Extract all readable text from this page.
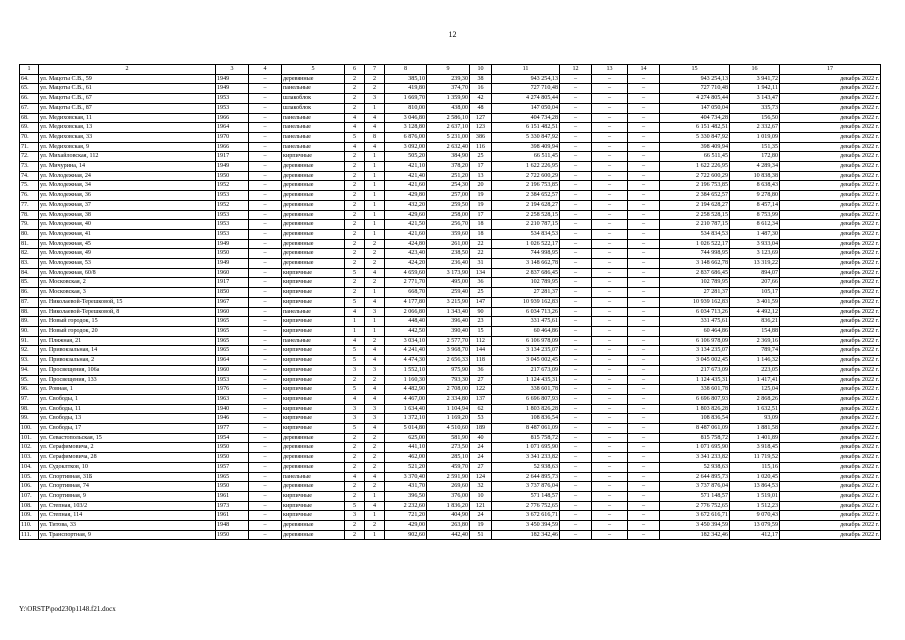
12
1	2	3	4	5	6	7	8	9	10	11	12	13	14	15	16	17
64.	ул. Мацоты С.В., 59	1949	–	деревянные	2	2	385,10	239,30	38	943 254,13	–	–	–	943 254,13	3 941,72	декабрь 2022 г.
65.	ул. Мацоты С.В., 61	1949	–	панельные	2	2	419,80	374,70	16	727 710,48	–	–	–	727 710,48	1 942,11	декабрь 2022 г.
66.	ул. Мацоты С.В., 67	1953	–	шлакоблок	2	3	1 669,70	1 359,90	42	4 274 805,44	–	–	–	4 274 805,44	3 143,47	декабрь 2022 г.
67.	ул. Мацоты С.В., 87	1953	–	шлакоблок	2	1	810,00	438,00	48	147 050,04	–	–	–	147 050,04	335,73	декабрь 2022 г.
68.	ул. Медиховская, 11	1966	–	панельные	4	4	3 046,80	2 586,10	127	404 734,28	–	–	–	404 734,28	156,50	декабрь 2022 г.
69.	ул. Медиховская, 13	1964	–	панельные	4	4	3 128,80	2 637,10	123	6 151 482,51	–	–	–	6 151 482,51	2 332,67	декабрь 2022 г.
70.	ул. Медиховская, 33	1970	–	панельные	5	8	6 876,00	5 231,00	386	5 330 847,92	–	–	–	5 330 847,92	1 019,09	декабрь 2022 г.
71.	ул. Медиховская, 9	1966	–	панельные	4	4	3 092,00	2 632,40	116	398 409,94	–	–	–	398 409,94	151,35	декабрь 2022 г.
72.	ул. Михайловская, 112	1917	–	кирпичные	2	1	505,20	384,90	25	66 511,45	–	–	–	66 511,45	172,80	декабрь 2022 г.
73.	ул. Мичурина, 14	1949	–	деревянные	2	1	421,10	378,20	17	1 622 226,95	–	–	–	1 622 226,95	4 289,34	декабрь 2022 г.
74.	ул. Молодежная, 24	1950	–	деревянные	2	1	421,40	251,20	13	2 722 600,29	–	–	–	2 722 600,29	10 838,38	декабрь 2022 г.
75.	ул. Молодежная, 34	1952	–	деревянные	2	1	421,60	254,30	20	2 196 753,85	–	–	–	2 196 753,85	8 638,43	декабрь 2022 г.
76.	ул. Молодежная, 36	1953	–	деревянные	2	1	429,80	257,00	19	2 384 652,57	–	–	–	2 384 652,57	9 278,80	декабрь 2022 г.
77.	ул. Молодежная, 37	1952	–	деревянные	2	1	432,20	259,50	19	2 194 628,27	–	–	–	2 194 628,27	8 457,14	декабрь 2022 г.
78.	ул. Молодежная, 38	1953	–	деревянные	2	1	429,60	258,00	17	2 258 528,15	–	–	–	2 258 528,15	8 753,99	декабрь 2022 г.
79.	ул. Молодежная, 40	1953	–	деревянные	2	1	421,50	256,70	18	2 210 787,15	–	–	–	2 210 787,15	8 612,34	декабрь 2022 г.
80.	ул. Молодежная, 41	1953	–	деревянные	2	1	421,60	359,60	18	534 834,53	–	–	–	534 834,53	1 487,30	декабрь 2022 г.
81.	ул. Молодежная, 45	1949	–	деревянные	2	2	424,80	261,00	22	1 026 522,17	–	–	–	1 026 522,17	3 933,04	декабрь 2022 г.
82.	ул. Молодежная, 49	1950	–	деревянные	2	2	423,40	238,50	22	744 998,95	–	–	–	744 998,95	3 123,69	декабрь 2022 г.
83.	ул. Молодежная, 53	1949	–	деревянные	2	2	424,20	236,40	31	3 148 662,78	–	–	–	3 148 662,78	13 319,22	декабрь 2022 г.
84.	ул. Молодежная, 60/8	1960	–	кирпичные	5	4	4 659,60	3 173,90	134	2 837 686,45	–	–	–	2 837 686,45	894,07	декабрь 2022 г.
85.	ул. Московская, 2	1917	–	кирпичные	2	2	2 771,70	495,00	36	102 789,95	–	–	–	102 789,95	207,66	декабрь 2022 г.
86.	ул. Московская, 3	1850	–	кирпичные	2	1	668,70	259,40	25	27 281,37	–	–	–	27 281,37	105,17	декабрь 2022 г.
87.	ул. Николаевой-Терешковой, 15	1967	–	кирпичные	5	4	4 177,80	3 215,90	147	10 939 162,83	–	–	–	10 939 162,83	3 401,59	декабрь 2022 г.
88.	ул. Николаевой-Терешковой, 8	1960	–	панельные	4	3	2 066,80	1 343,40	90	6 034 713,26	–	–	–	6 034 713,26	4 492,12	декабрь 2022 г.
89.	ул. Новый городок, 15	1965	–	кирпичные	1	1	448,40	396,40	23	331 475,61	–	–	–	331 475,61	836,21	декабрь 2022 г.
90.	ул. Новый городок, 20	1965	–	кирпичные	1	1	442,50	390,40	15	60 464,86	–	–	–	60 464,86	154,88	декабрь 2022 г.
91.	ул. Пляжная, 21	1965	–	панельные	4	2	3 034,10	2 577,70	112	6 106 978,09	–	–	–	6 106 978,09	2 369,16	декабрь 2022 г.
92.	ул. Привокзальная, 14	1965	–	кирпичные	5	4	4 241,40	3 968,70	144	3 134 235,07	–	–	–	3 134 235,07	789,74	декабрь 2022 г.
93.	ул. Привокзальная, 2	1964	–	кирпичные	5	4	4 474,30	2 656,33	118	3 045 002,45	–	–	–	3 045 002,45	1 146,32	декабрь 2022 г.
94.	ул. Просвещения, 106а	1960	–	кирпичные	3	3	1 552,10	975,90	36	217 673,09	–	–	–	217 673,09	223,05	декабрь 2022 г.
95.	ул. Просвещения, 133	1953	–	кирпичные	2	2	1 160,30	793,30	27	1 124 435,31	–	–	–	1 124 435,31	1 417,41	декабрь 2022 г.
96.	ул. Ровная, 1	1976	–	кирпичные	5	4	4 482,90	2 708,00	122	338 601,78	–	–	–	338 601,78	125,04	декабрь 2022 г.
97.	ул. Свободы, 1	1963	–	кирпичные	4	4	4 467,00	2 334,80	137	6 696 807,93	–	–	–	6 696 807,93	2 868,26	декабрь 2022 г.
98.	ул. Свободы, 11	1940	–	кирпичные	3	3	1 634,40	1 104,94	62	1 803 826,28	–	–	–	1 803 826,28	1 632,51	декабрь 2022 г.
99.	ул. Свободы, 13	1946	–	кирпичные	3	3	1 372,10	1 169,20	53	108 836,54	–	–	–	108 836,54	93,09	декабрь 2022 г.
100.	ул. Свободы, 17	1977	–	кирпичные	5	4	5 014,80	4 510,60	189	8 487 061,09	–	–	–	8 487 061,09	1 881,58	декабрь 2022 г.
101.	ул. Севастопольская, 15	1954	–	деревянные	2	2	625,00	581,90	40	815 758,72	–	–	–	815 758,72	1 401,89	декабрь 2022 г.
102.	ул. Серафимовича, 2	1950	–	деревянные	2	2	441,10	273,50	24	1 071 695,90	–	–	–	1 071 695,90	3 918,45	декабрь 2022 г.
103.	ул. Серафимовича, 28	1950	–	деревянные	2	2	462,00	285,10	24	3 341 233,82	–	–	–	3 341 233,82	11 719,52	декабрь 2022 г.
104.	ул. Судоклтков, 10	1957	–	деревянные	2	2	521,20	459,70	27	52 938,63	–	–	–	52 938,63	115,16	декабрь 2022 г.
105.	ул. Спортивная, 31Б	1965	–	панельные	4	4	3 370,40	2 591,90	124	2 644 895,73	–	–	–	2 644 895,73	1 020,45	декабрь 2022 г.
106.	ул. Спортивная, 74	1950	–	деревянные	2	2	431,70	269,60	32	3 737 876,04	–	–	–	3 737 876,04	13 864,53	декабрь 2022 г.
107.	ул. Спортивная, 9	1961	–	кирпичные	2	1	396,50	376,00	10	571 148,57	–	–	–	571 148,57	1 519,01	декабрь 2022 г.
108.	ул. Степная, 103/2	1973	–	кирпичные	5	4	2 232,60	1 836,20	121	2 776 752,65	–	–	–	2 776 752,65	1 512,23	декабрь 2022 г.
109.	ул. Степная, 114	1961	–	кирпичные	3	1	721,20	404,90	24	3 672 616,71	–	–	–	3 672 616,71	9 070,43	декабрь 2022 г.
110.	ул. Титова, 33	1948	–	деревянные	2	2	429,00	263,80	19	3 450 394,59	–	–	–	3 450 394,59	13 079,59	декабрь 2022 г.
111.	ул. Транспортная, 9	1950	–	деревянные	2	1	902,60	442,40	51	182 342,46	–	–	–	182 342,46	412,17	декабрь 2022 г.
Y:\ORSTP\pod230p1148.f21.docx
